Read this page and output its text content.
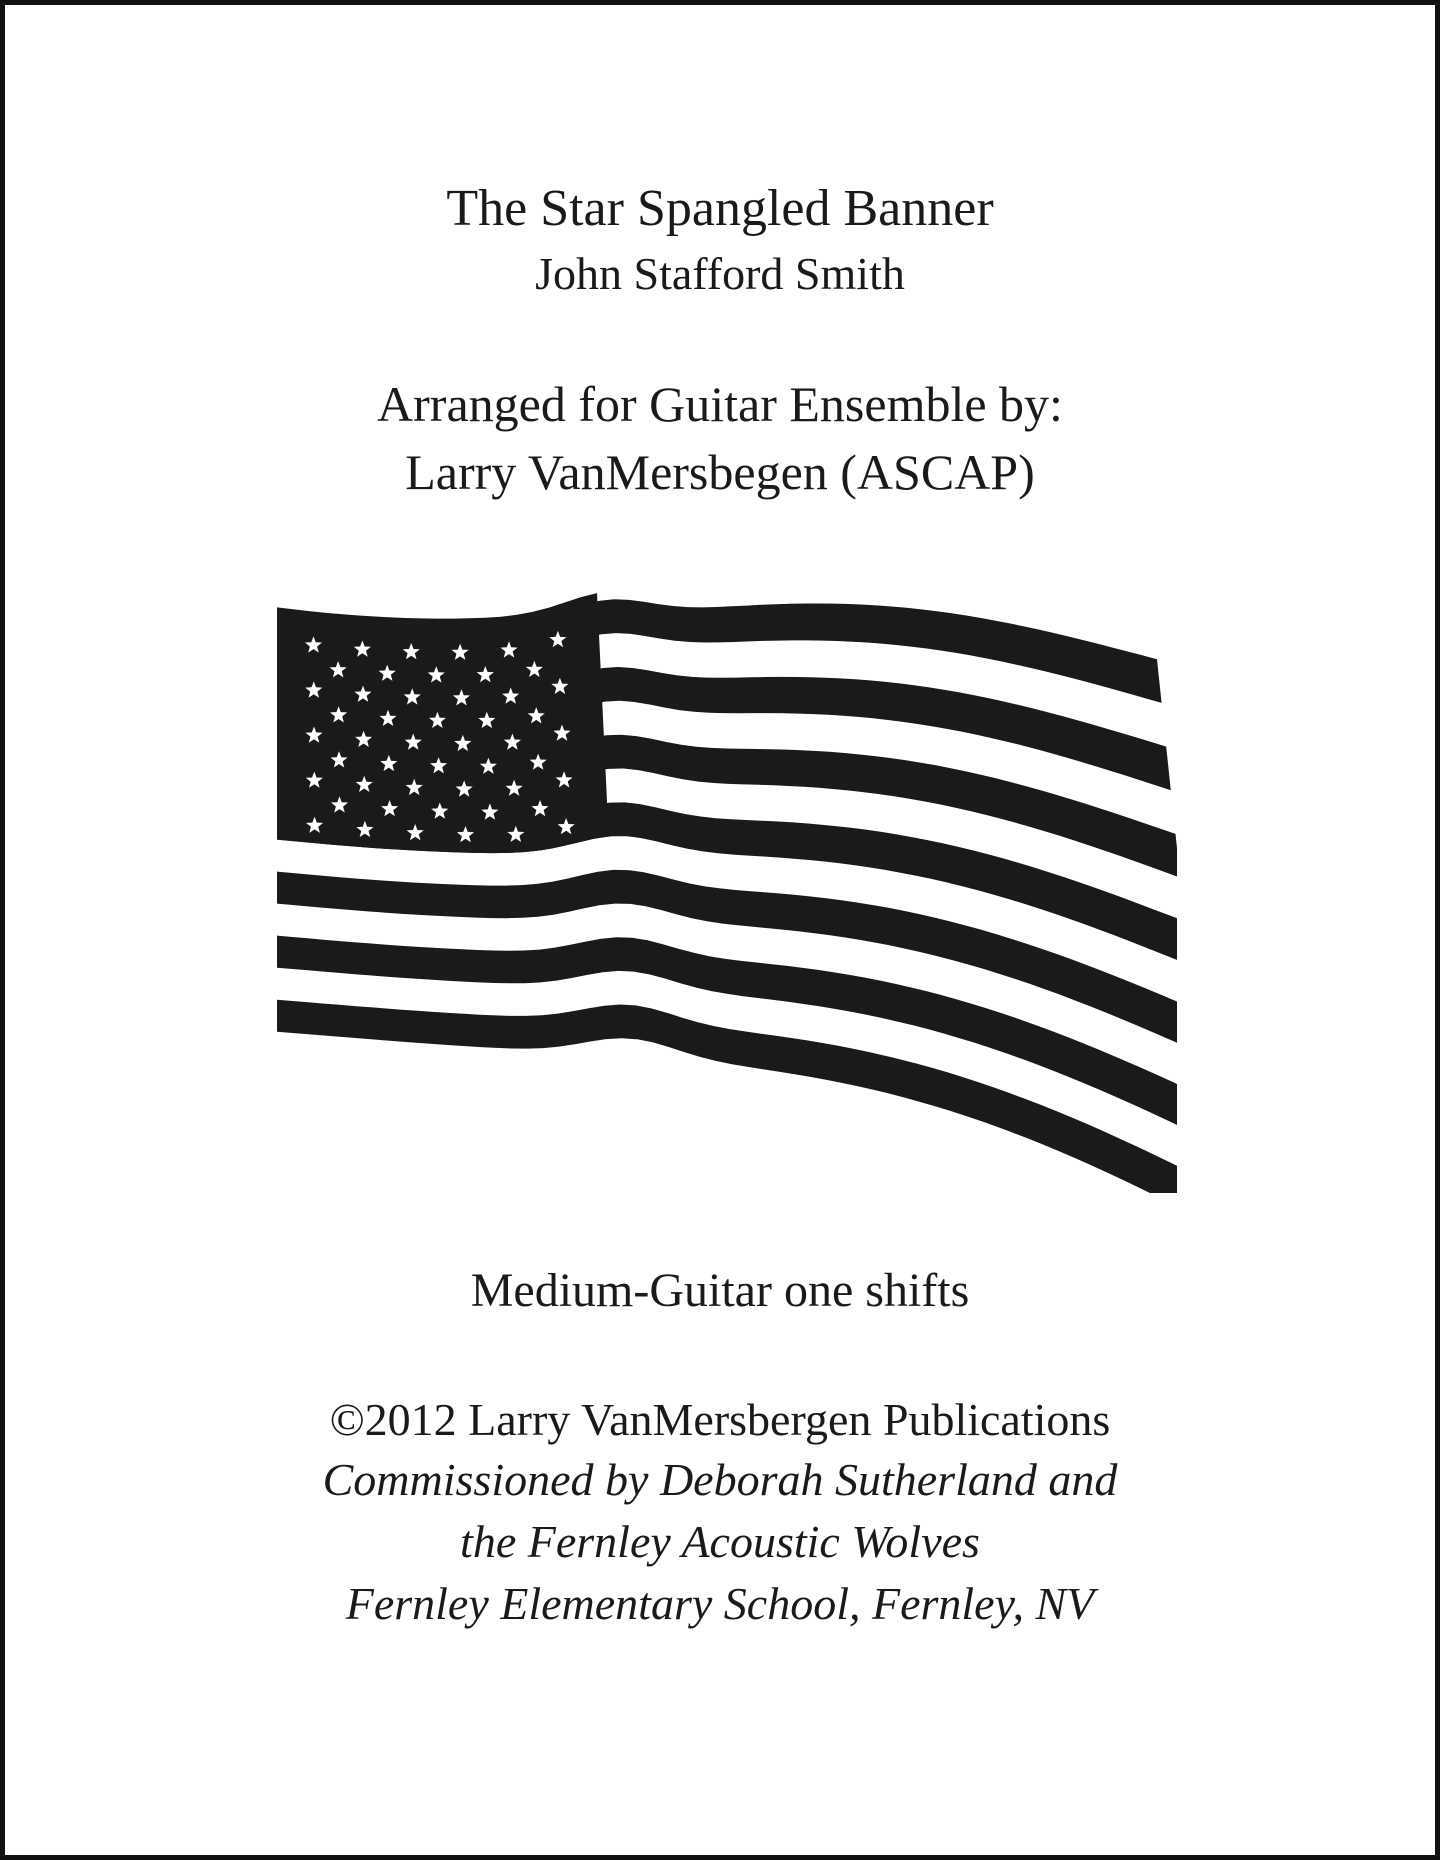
The Star Spangled Banner
John Stafford Smith
Arranged for Guitar Ensemble by:
Larry VanMersbegen (ASCAP)
Medium-Guitar one shifts
©2012 Larry VanMersbergen Publications
Commissioned by Deborah Sutherland and
the Fernley Acoustic Wolves
Fernley Elementary School, Fernley, NV
